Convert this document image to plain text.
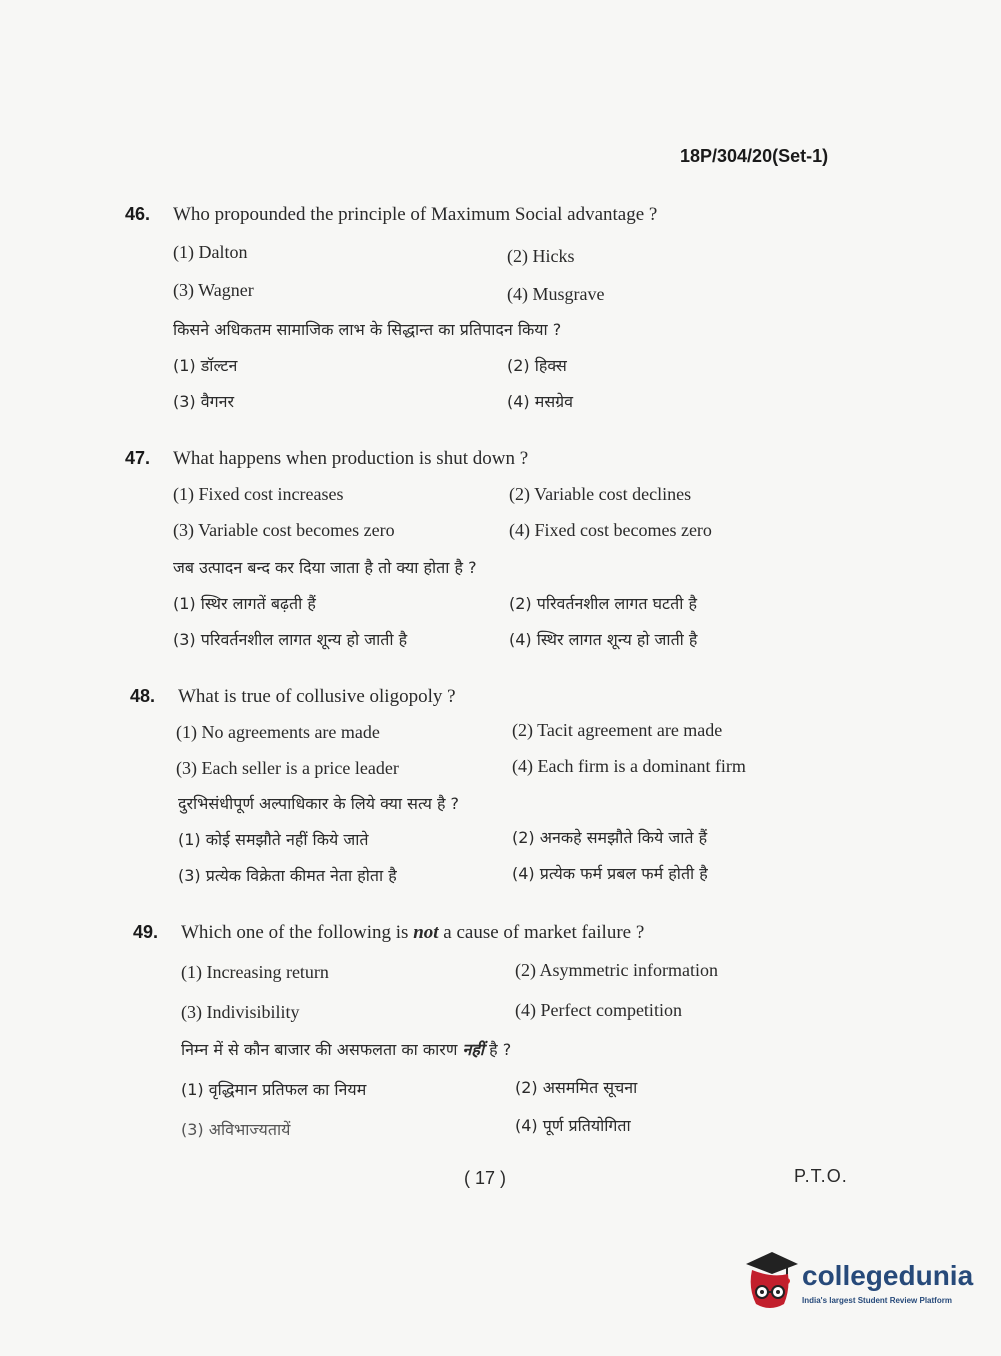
18P/304/20(Set-1)
46. Who propounded the principle of Maximum Social advantage ?
(1) Dalton	(2) Hicks
(3) Wagner	(4) Musgrave
किसने अधिकतम सामाजिक लाभ के सिद्धान्त का प्रतिपादन किया ?
(1) डॉल्टन	(2) हिक्स
(3) वैगनर	(4) मसग्रेव
47. What happens when production is shut down ?
(1) Fixed cost increases	(2) Variable cost declines
(3) Variable cost becomes zero	(4) Fixed cost becomes zero
जब उत्पादन बन्द कर दिया जाता है तो क्या होता है ?
(1) स्थिर लागतें बढ़ती हैं	(2) परिवर्तनशील लागत घटती है
(3) परिवर्तनशील लागत शून्य हो जाती है	(4) स्थिर लागत शून्य हो जाती है
48. What is true of collusive oligopoly ?
(1) No agreements are made	(2) Tacit agreement are made
(3) Each seller is a price leader	(4) Each firm is a dominant firm
दुरभिसंधीपूर्ण अल्पाधिकार के लिये क्या सत्य है ?
(1) कोई समझौते नहीं किये जाते	(2) अनकहे समझौते किये जाते हैं
(3) प्रत्येक विक्रेता कीमत नेता होता है	(4) प्रत्येक फर्म प्रबल फर्म होती है
49. Which one of the following is not a cause of market failure ?
(1) Increasing return	(2) Asymmetric information
(3) Indivisibility	(4) Perfect competition
निम्न में से कौन बाजार की असफलता का कारण नहीं है ?
(1) वृद्धिमान प्रतिफल का नियम	(2) असममित सूचना
(3) अविभाज्यतायें	(4) पूर्ण प्रतियोगिता
( 17 )	P.T.O.
collegedunia
India's largest Student Review Platform
